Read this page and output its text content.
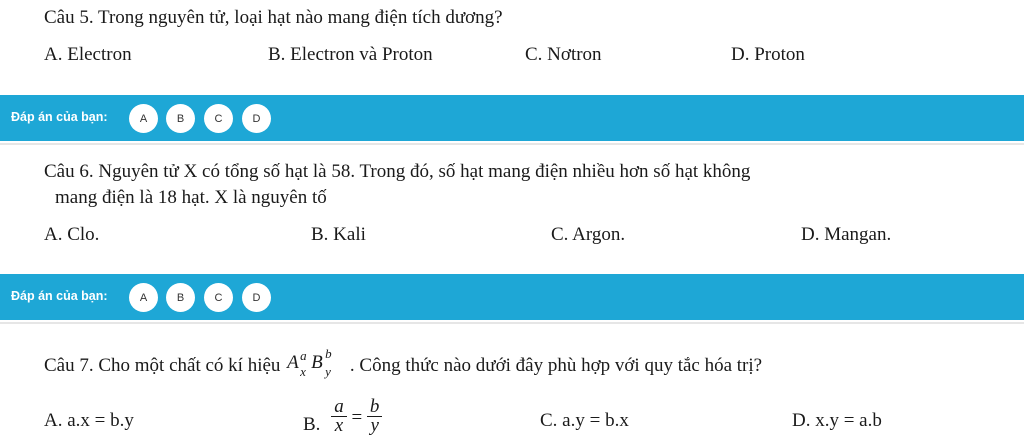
Câu 5. Trong nguyên tử, loại hạt nào mang điện tích dương?
A. Electron	B. Electron và Proton	C. Nơtron	D. Proton
Đáp án của bạn:	A	B	C	D
Câu 6. Nguyên tử X có tổng số hạt là 58. Trong đó, số hạt mang điện nhiều hơn số hạt không
mang điện là 18 hạt. X là nguyên tố
A. Clo.	B. Kali	C. Argon.	D. Mangan.
Đáp án của bạn:	A	B	C	D
Câu 7. Cho một chất có kí hiệu A a
x B b
y . Công thức nào dưới đây phù hợp với quy tắc hóa trị?
A. a.x = b.y	B. $\frac{a}{x} = \frac{b}{y}$	C. a.y = b.x	D. x.y = a.b
